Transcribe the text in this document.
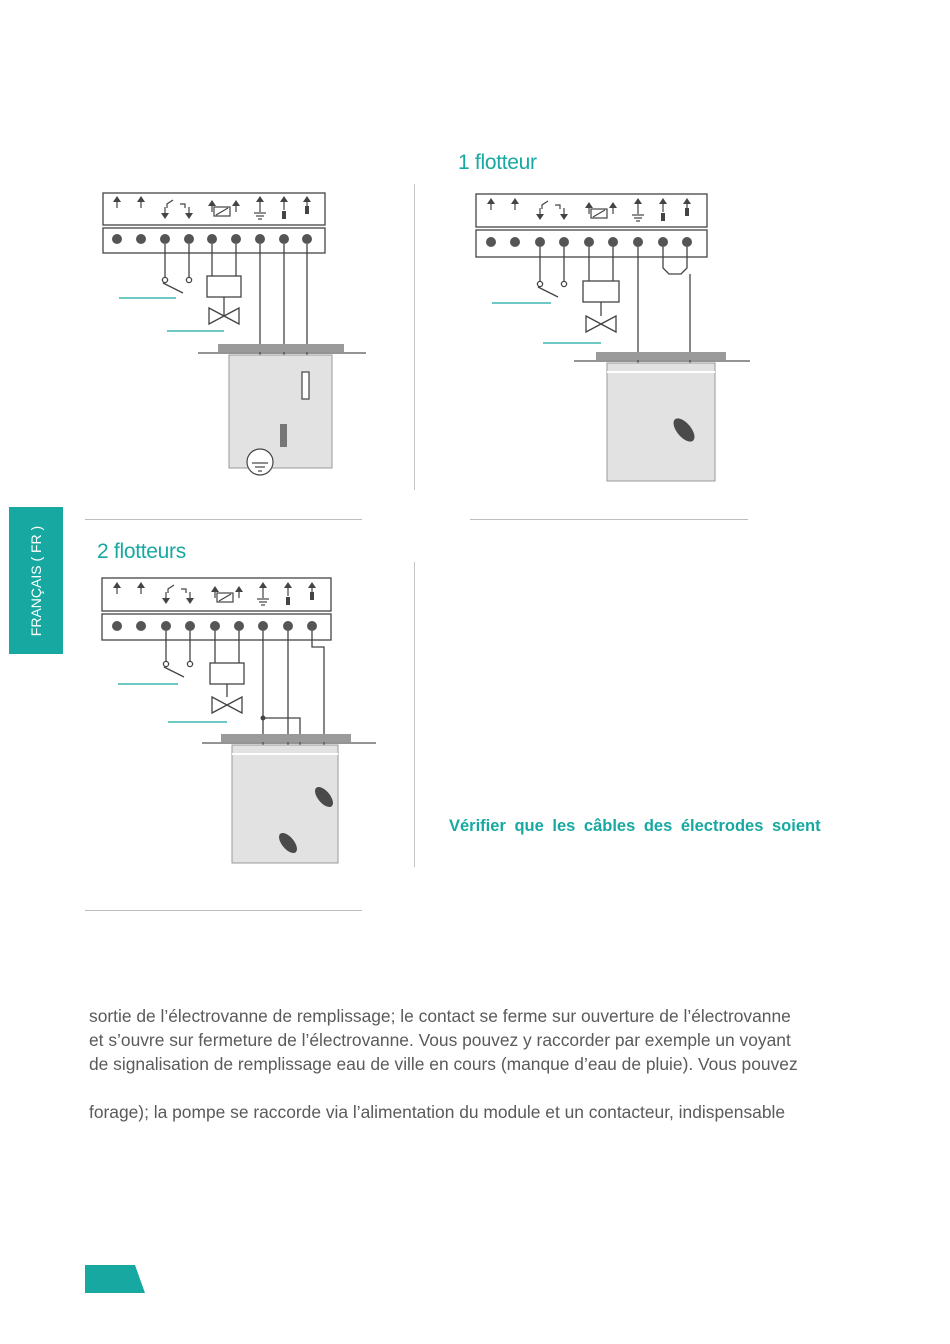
FRANÇAIS ( FR )
1 flotteur
2 flotteurs
Vérifier que les câbles des électrodes soient
sortie de l’électrovanne de remplissage; le contact se ferme sur ouverture de l’électrovanne
et s’ouvre sur fermeture de l’électrovanne. Vous pouvez y raccorder par exemple un voyant
de signalisation de remplissage eau de ville en cours (manque d’eau de pluie). Vous pouvez
forage); la pompe se raccorde via l’alimentation du module et un contacteur, indispensable
